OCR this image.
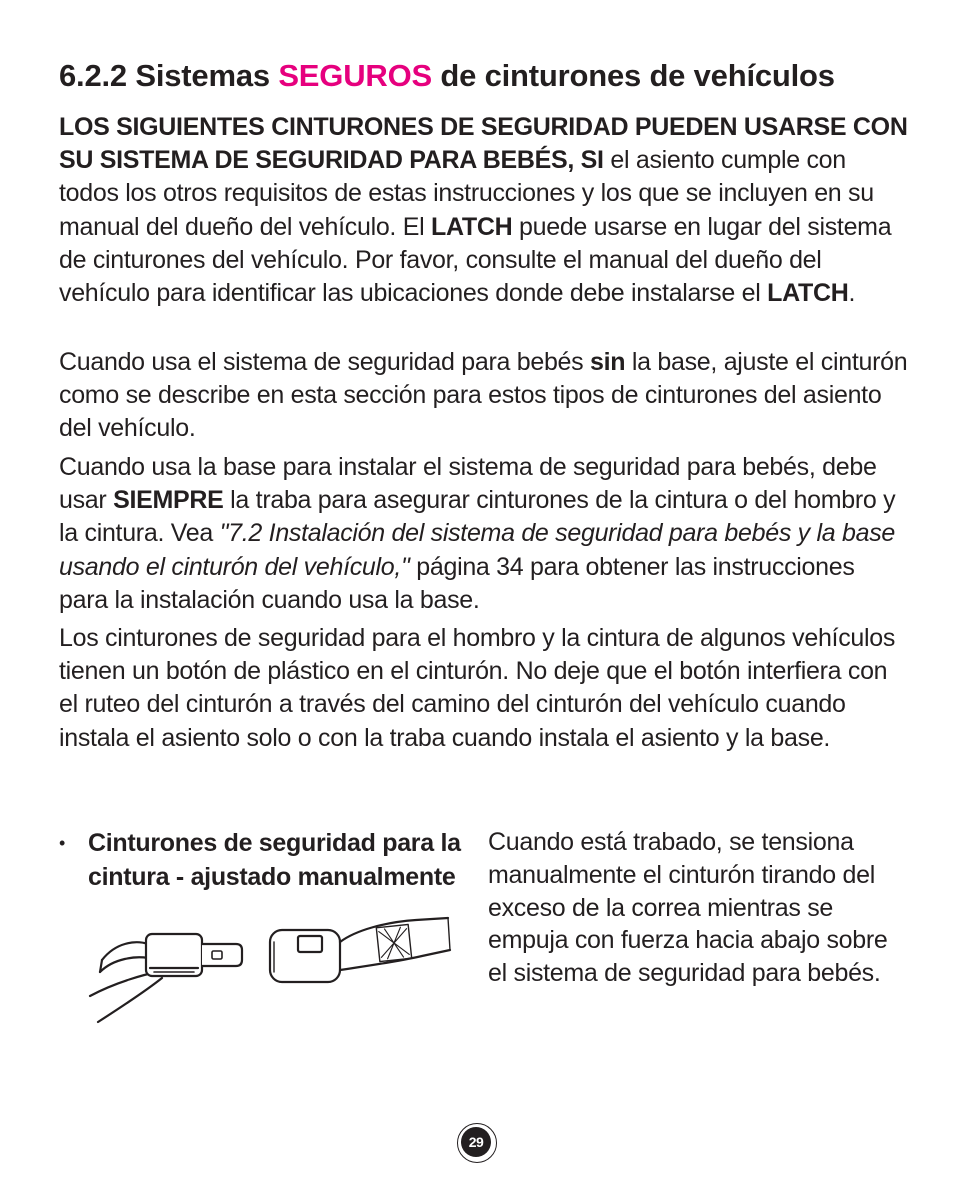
6.2.2 Sistemas SEGUROS de cinturones de vehículos

LOS SIGUIENTES CINTURONES DE SEGURIDAD PUEDEN USARSE CON SU SISTEMA DE SEGURIDAD PARA BEBÉS, SI el asiento cumple con todos los otros requisitos de estas instrucciones y los que se incluyen en su manual del dueño del vehículo. El LATCH puede usarse en lugar del sistema de cinturones del vehículo. Por favor, consulte el manual del dueño del vehículo para identificar las ubicaciones donde debe instalarse el LATCH.

Cuando usa el sistema de seguridad para bebés sin la base, ajuste el cinturón como se describe en esta sección para estos tipos de cinturones del asiento del vehículo.

Cuando usa la base para instalar el sistema de seguridad para bebés, debe usar SIEMPRE la traba para asegurar cinturones de la cintura o del hombro y la cintura. Vea "7.2 Instalación del sistema de seguridad para bebés y la base usando el cinturón del vehículo," página 34 para obtener las instrucciones para la instalación cuando usa la base.

Los cinturones de seguridad para el hombro y la cintura de algunos vehículos tienen un botón de plástico en el cinturón. No deje que el botón interfiera con el ruteo del cinturón a través del camino del cinturón del vehículo cuando instala el asiento solo o con la traba cuando instala el asiento y la base.

• Cinturones de seguridad para la cintura - ajustado manualmente
Cuando está trabado, se tensiona manualmente el cinturón tirando del exceso de la correa mientras se empuja con fuerza hacia abajo sobre el sistema de seguridad para bebés.
29
